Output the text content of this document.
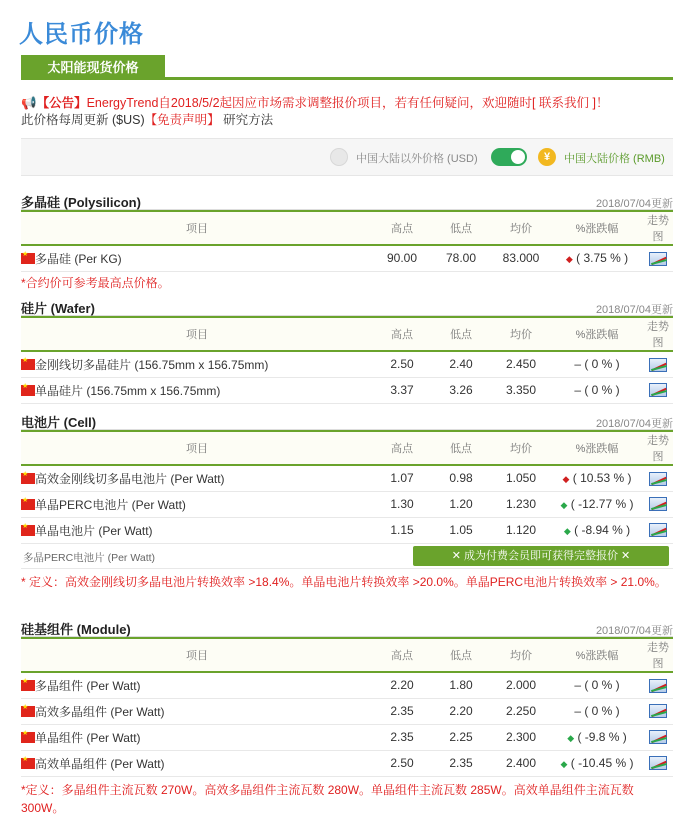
人民币价格
太阳能现货价格
📢【公告】EnergyTrend自2018/5/2起因应市场需求调整报价项目，若有任何疑问，欢迎随时[ 联系我们 ]！
此价格每周更新 ($US)【免责声明】 研究方法
中国大陆以外价格 (USD)	¥	中国大陆价格 (RMB)
多晶硅 (Polysilicon)	2018/07/04更新
项目	高点	低点	均价	%涨跌幅	走势图
★多晶硅 (Per KG)	90.00	78.00	83.000	◆ ( 3.75 % )	
*合约价可参考最高点价格。
硅片 (Wafer)	2018/07/04更新
项目	高点	低点	均价	%涨跌幅	走势图
★金刚线切多晶硅片 (156.75mm x 156.75mm)	2.50	2.40	2.450	– ( 0 % )	
★单晶硅片 (156.75mm x 156.75mm)	3.37	3.26	3.350	– ( 0 % )	
电池片 (Cell)	2018/07/04更新
项目	高点	低点	均价	%涨跌幅	走势图
★高效金刚线切多晶电池片 (Per Watt)	1.07	0.98	1.050	◆ ( 10.53 % )	
★单晶PERC电池片 (Per Watt)	1.30	1.20	1.230	◆ ( -12.77 % )	
★单晶电池片 (Per Watt)	1.15	1.05	1.120	◆ ( -8.94 % )	
多晶PERC电池片 (Per Watt)	✕ 成为付费会员即可获得完整报价 ✕
* 定义：高效金刚线切多晶电池片转换效率 >18.4%。单晶电池片转换效率 >20.0%。单晶PERC电池片转换效率 > 21.0%。
硅基组件 (Module)	2018/07/04更新
项目	高点	低点	均价	%涨跌幅	走势图
★多晶组件 (Per Watt)	2.20	1.80	2.000	– ( 0 % )	
★高效多晶组件 (Per Watt)	2.35	2.20	2.250	– ( 0 % )	
★单晶组件 (Per Watt)	2.35	2.25	2.300	◆ ( -9.8 % )	
★高效单晶组件 (Per Watt)	2.50	2.35	2.400	◆ ( -10.45 % )	
*定义：多晶组件主流瓦数 270W。高效多晶组件主流瓦数 280W。单晶组件主流瓦数 285W。高效单晶组件主流瓦数 300W。
